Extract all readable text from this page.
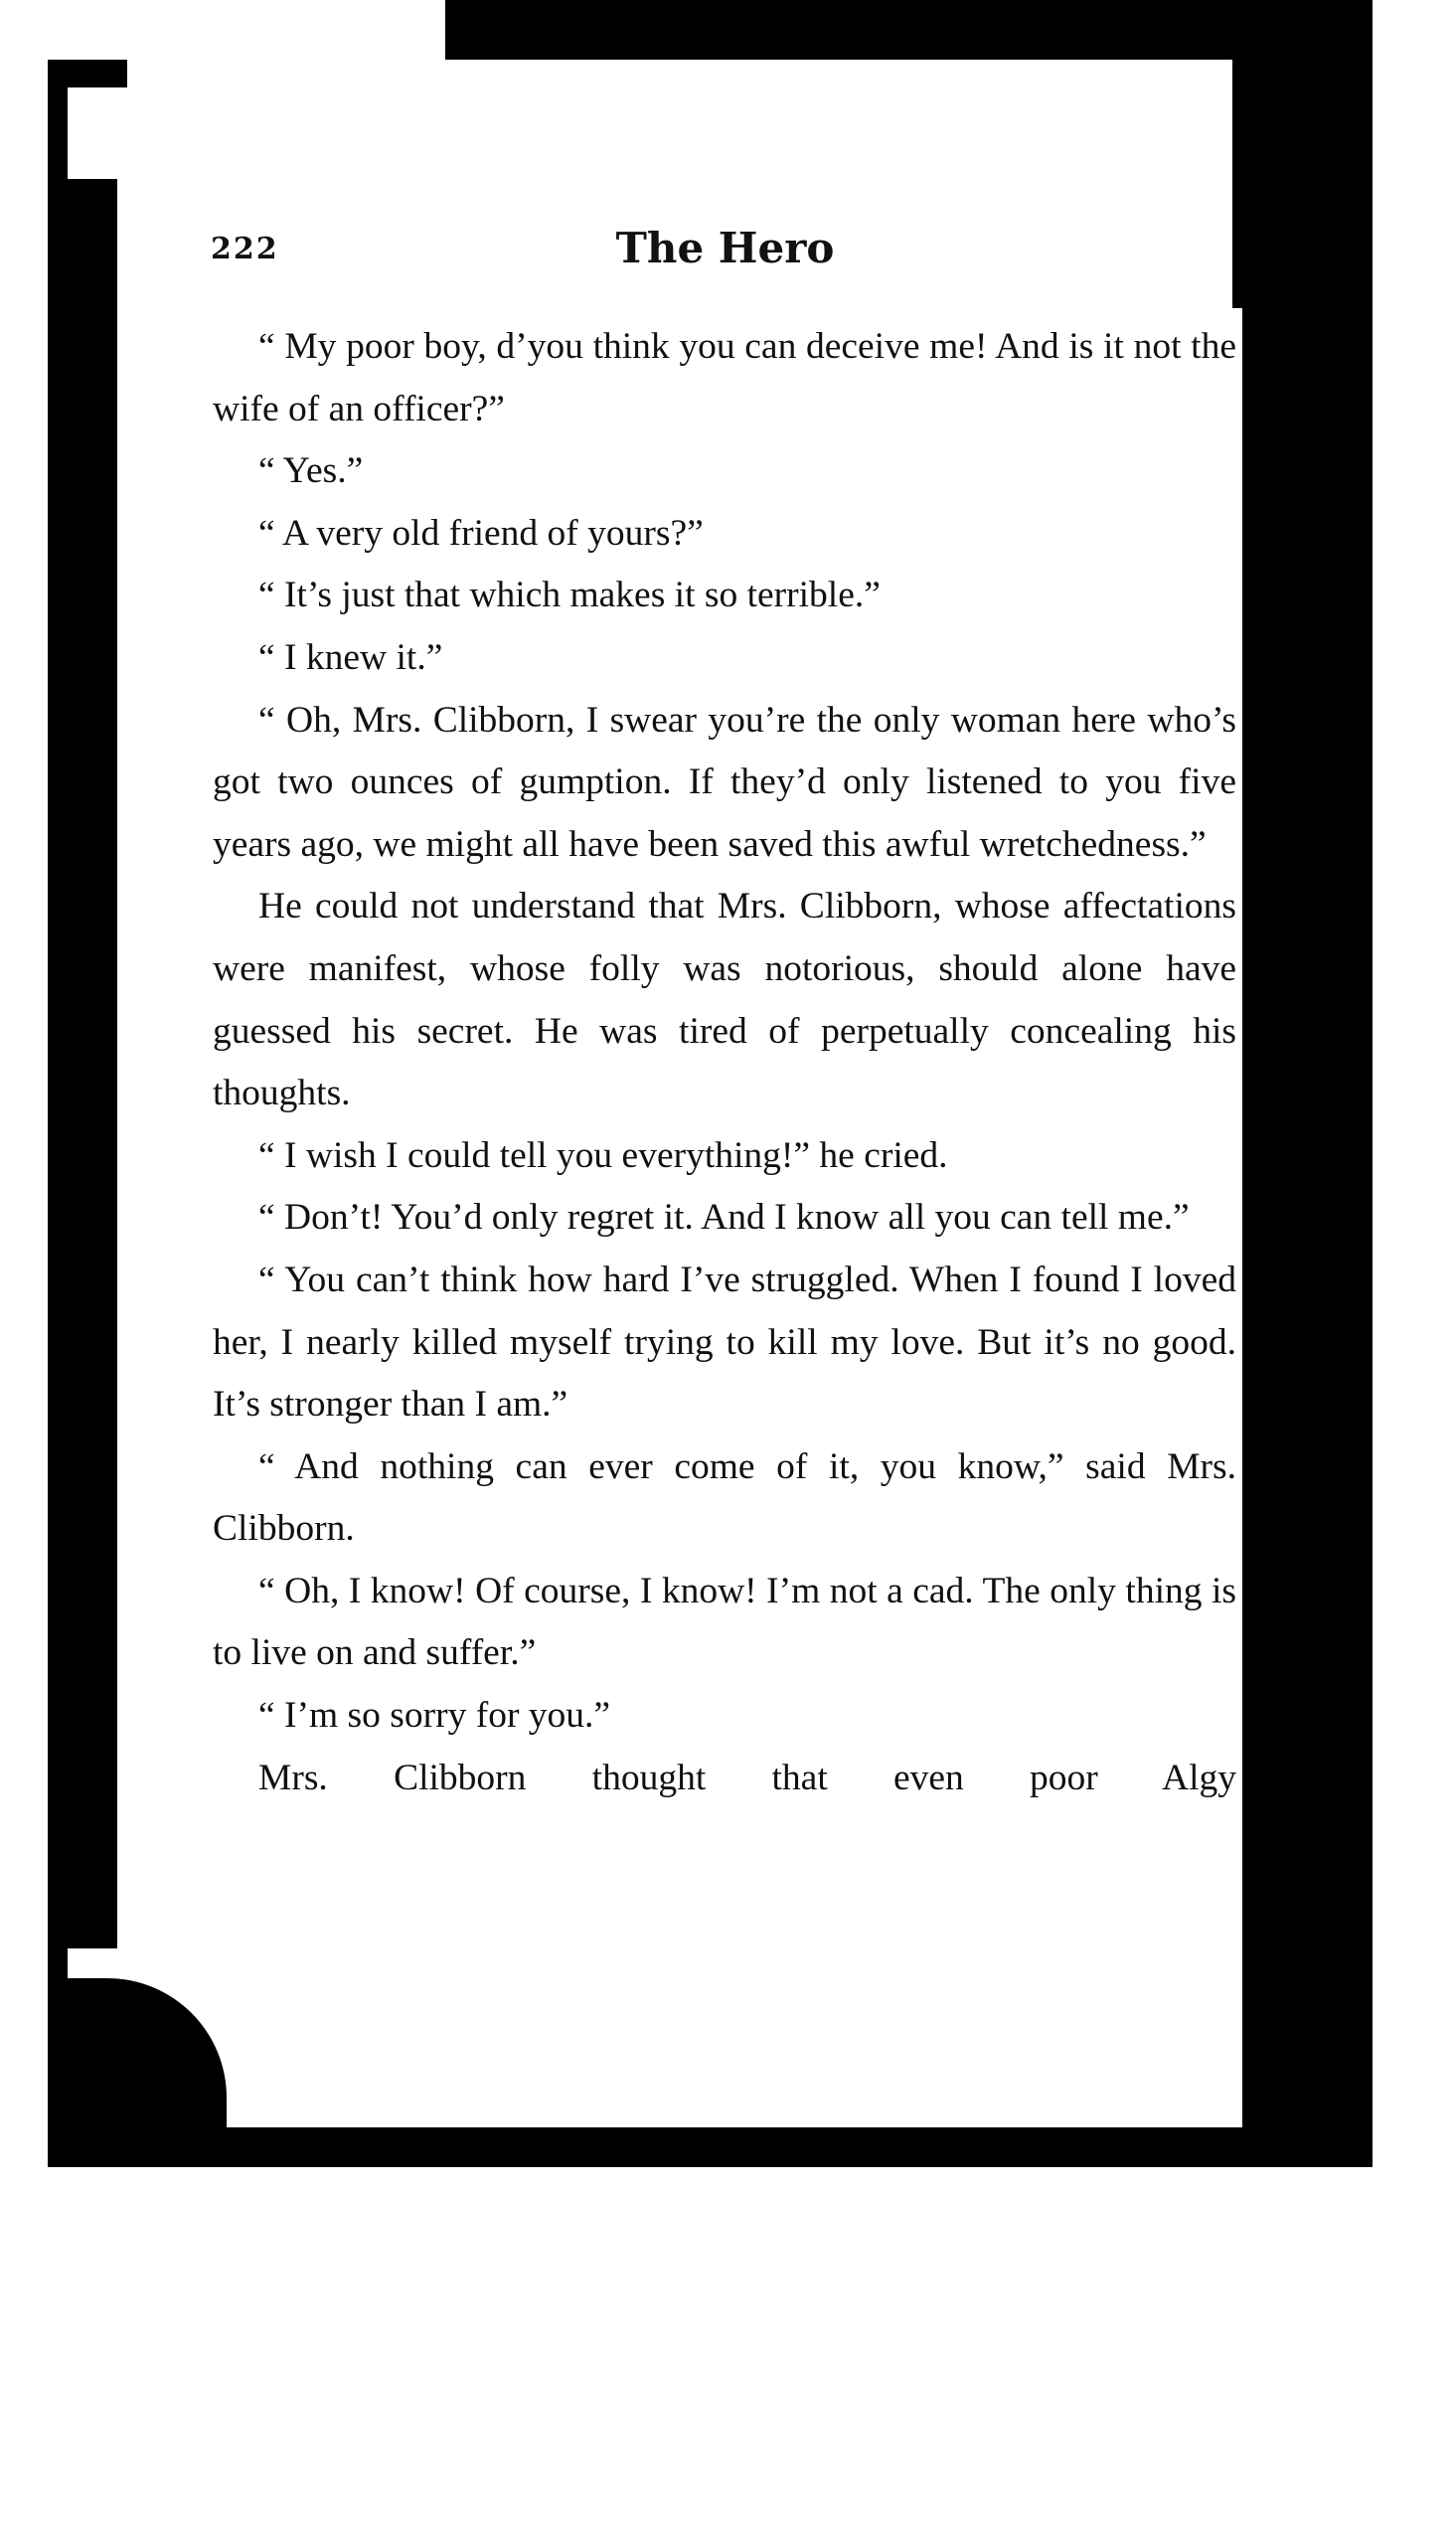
222	The Hero

“ My poor boy, d’you think you can deceive me! And is it not the wife of an officer?”

“ Yes.”

“ A very old friend of yours?”

“ It’s just that which makes it so terrible.”

“ I knew it.”

“ Oh, Mrs. Clibborn, I swear you’re the only woman here who’s got two ounces of gumption. If they’d only listened to you five years ago, we might all have been saved this awful wretchedness.”

He could not understand that Mrs. Clibborn, whose affectations were manifest, whose folly was notorious, should alone have guessed his secret. He was tired of perpetually concealing his thoughts.

“ I wish I could tell you everything!” he cried.

“ Don’t! You’d only regret it. And I know all you can tell me.”

“ You can’t think how hard I’ve struggled. When I found I loved her, I nearly killed myself trying to kill my love. But it’s no good. It’s stronger than I am.”

“ And nothing can ever come of it, you know,” said Mrs. Clibborn.

“ Oh, I know! Of course, I know! I’m not a cad. The only thing is to live on and suffer.”

“ I’m so sorry for you.”

Mrs. Clibborn thought that even poor Algy
